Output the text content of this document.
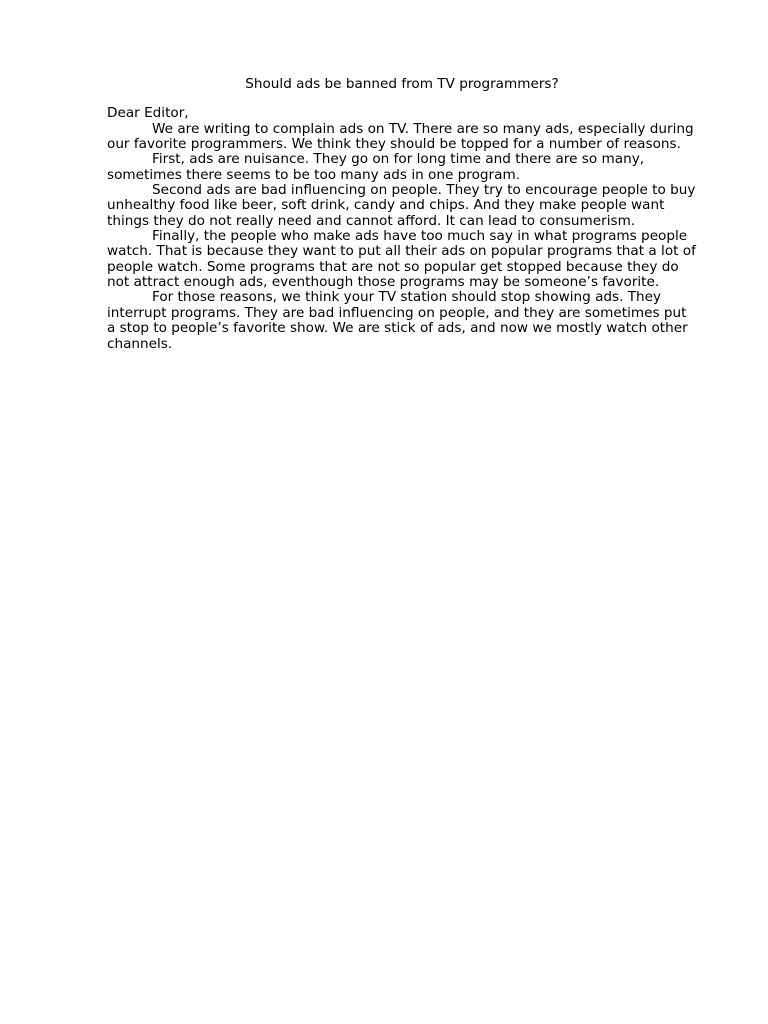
Should ads be banned from TV programmers?
Dear Editor,

We are writing to complain ads on TV. There are so many ads, especially during our favorite programmers. We think they should be topped for a number of reasons.

First, ads are nuisance. They go on for long time and there are so many, sometimes there seems to be too many ads in one program.

Second ads are bad influencing on people. They try to encourage people to buy unhealthy food like beer, soft drink, candy and chips. And they make people want things they do not really need and cannot afford. It can lead to consumerism.

Finally, the people who make ads have too much say in what programs people watch. That is because they want to put all their ads on popular programs that a lot of people watch. Some programs that are not so popular get stopped because they do not attract enough ads, eventhough those programs may be someone’s favorite.

For those reasons, we think your TV station should stop showing ads. They interrupt programs. They are bad influencing on people, and they are sometimes put a stop to people’s favorite show. We are stick of ads, and now we mostly watch other channels.
